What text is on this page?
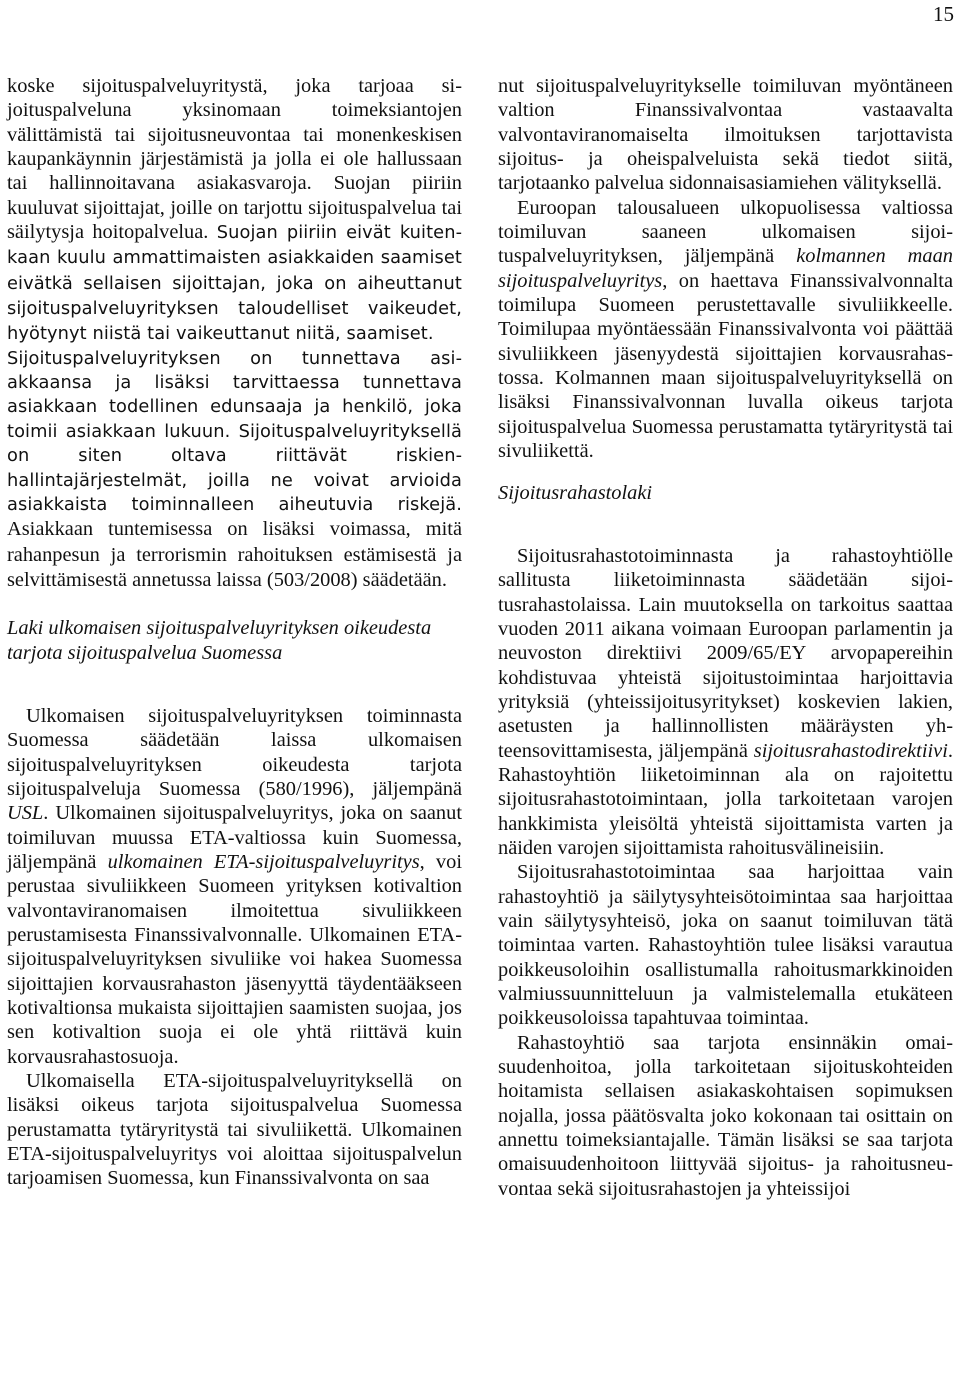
15

koske sijoituspalveluyritystä, joka tarjoaa sijoituspalveluna yksinomaan toimeksiantojen välittämistä tai sijoitusneuvontaa tai monenkeskisen kaupankäynnin järjestämistä ja jolla ei ole hallussaan tai hallinnoitavana asiakasvaroja. Suojan piiriin kuuluvat sijoittajat, joille on tarjottu sijoituspalvelua tai säilytysja hoitopalvelua. Suojan piiriin eivät kuitenkaan kuulu ammattimaisten asiakkaiden saamiset eivätkä sellaisen sijoittajan, joka on aiheuttanut sijoituspalveluyrityksen taloudelliset vaikeudet, hyötynyt niistä tai vaikeuttanut niitä, saamiset.

Sijoituspalveluyrityksen on tunnettava asiakkaansa ja lisäksi tarvittaessa tunnettava asiakkaan todellinen edunsaaja ja henkilö, joka toimii asiakkaan lukuun. Sijoituspalveluyrityksellä on siten oltava riittävät riskienhallintajärjestelmät, joilla ne voivat arvioida asiakkaista toiminnalleen aiheutuvia riskejä. Asiakkaan tuntemisessa on lisäksi voimassa, mitä rahanpesun ja terrorismin rahoituksen estämisestä ja selvittämisestä annetussa laissa (503/2008) säädetään.

Laki ulkomaisen sijoituspalveluyrityksen oikeudesta tarjota sijoituspalvelua Suomessa

Ulkomaisen sijoituspalveluyrityksen toiminnasta Suomessa säädetään laissa ulkomaisen sijoituspalveluyrityksen oikeudesta tarjota sijoituspalveluja Suomessa (580/1996), jäljempänä USL. Ulkomainen sijoituspalveluyritys, joka on saanut toimiluvan muussa ETA-valtiossa kuin Suomessa, jäljempänä ulkomainen ETA-sijoituspalveluyritys, voi perustaa sivuliikkeen Suomeen yrityksen kotivaltion valvontaviranomaisen ilmoitettua sivuliikkeen perustamisesta Finanssivalvonnalle. Ulkomainen ETA-sijoituspalveluyrityksen sivuliike voi hakea Suomessa sijoittajien korvausrahaston jäsenyyttä täydentääkseen kotivaltionsa mukaista sijoittajien saamisten suojaa, jos sen kotivaltion suoja ei ole yhtä riittävä kuin korvausrahastosuoja.

Ulkomaisella ETA-sijoituspalveluyrityksellä on lisäksi oikeus tarjota sijoituspalvelua Suomessa perustamatta tytäryritystä tai sivuliikettä. Ulkomainen ETA-sijoituspalveluyritys voi aloittaa sijoituspalvelun tarjoamisen Suomessa, kun Finanssivalvonta on saa

nut sijoituspalveluyritykselle toimiluvan myöntäneen valtion Finanssivalvontaa vastaavalta valvontaviranomaiselta ilmoituksen tarjottavista sijoitus- ja oheispalveluista sekä tiedot siitä, tarjotaanko palvelua sidonnaisasiamiehen välityksellä.

Euroopan talousalueen ulkopuolisessa valtiossa toimiluvan saaneen ulkomaisen sijoituspalveluyrityksen, jäljempänä kolmannen maan sijoituspalveluyritys, on haettava Finanssivalvonnalta toimilupa Suomeen perustettavalle sivuliikkeelle. Toimilupaa myöntäessään Finanssivalvonta voi päättää sivuliikkeen jäsenyydestä sijoittajien korvausrahastossa. Kolmannen maan sijoituspalveluyrityksellä on lisäksi Finanssivalvonnan luvalla oikeus tarjota sijoituspalvelua Suomessa perustamatta tytäryritystä tai sivuliikettä.

Sijoitusrahastolaki

Sijoitusrahastotoiminnasta ja rahastoyhtiölle sallitusta liiketoiminnasta säädetään sijoitusrahastolaissa. Lain muutoksella on tarkoitus saattaa vuoden 2011 aikana voimaan Euroopan parlamentin ja neuvoston direktiivi 2009/65/EY arvopapereihin kohdistuvaa yhteistä sijoitustoimintaa harjoittavia yrityksiä (yhteissijoitusyritykset) koskevien lakien, asetusten ja hallinnollisten määräysten yhteensovittamisesta, jäljempänä sijoitusrahastodirektiivi. Rahastoyhtiön liiketoiminnan ala on rajoitettu sijoitusrahastotoimintaan, jolla tarkoitetaan varojen hankkimista yleisöltä yhteistä sijoittamista varten ja näiden varojen sijoittamista rahoitusvälineisiin.

Sijoitusrahastotoimintaa saa harjoittaa vain rahastoyhtiö ja säilytysyhteisötoimintaa saa harjoittaa vain säilytysyhteisö, joka on saanut toimiluvan tätä toimintaa varten. Rahastoyhtiön tulee lisäksi varautua poikkeusoloihin osallistumalla rahoitusmarkkinoiden valmiussuunnitteluun ja valmistelemalla etukäteen poikkeusoloissa tapahtuvaa toimintaa.

Rahastoyhtiö saa tarjota ensinnäkin omaisuudenhoitoa, jolla tarkoitetaan sijoituskohteiden hoitamista sellaisen asiakaskohtaisen sopimuksen nojalla, jossa päätösvalta joko kokonaan tai osittain on annettu toimeksiantajalle. Tämän lisäksi se saa tarjota omaisuudenhoitoon liittyvää sijoitus- ja rahoitusneuvontaa sekä sijoitusrahastojen ja yhteissijoi
